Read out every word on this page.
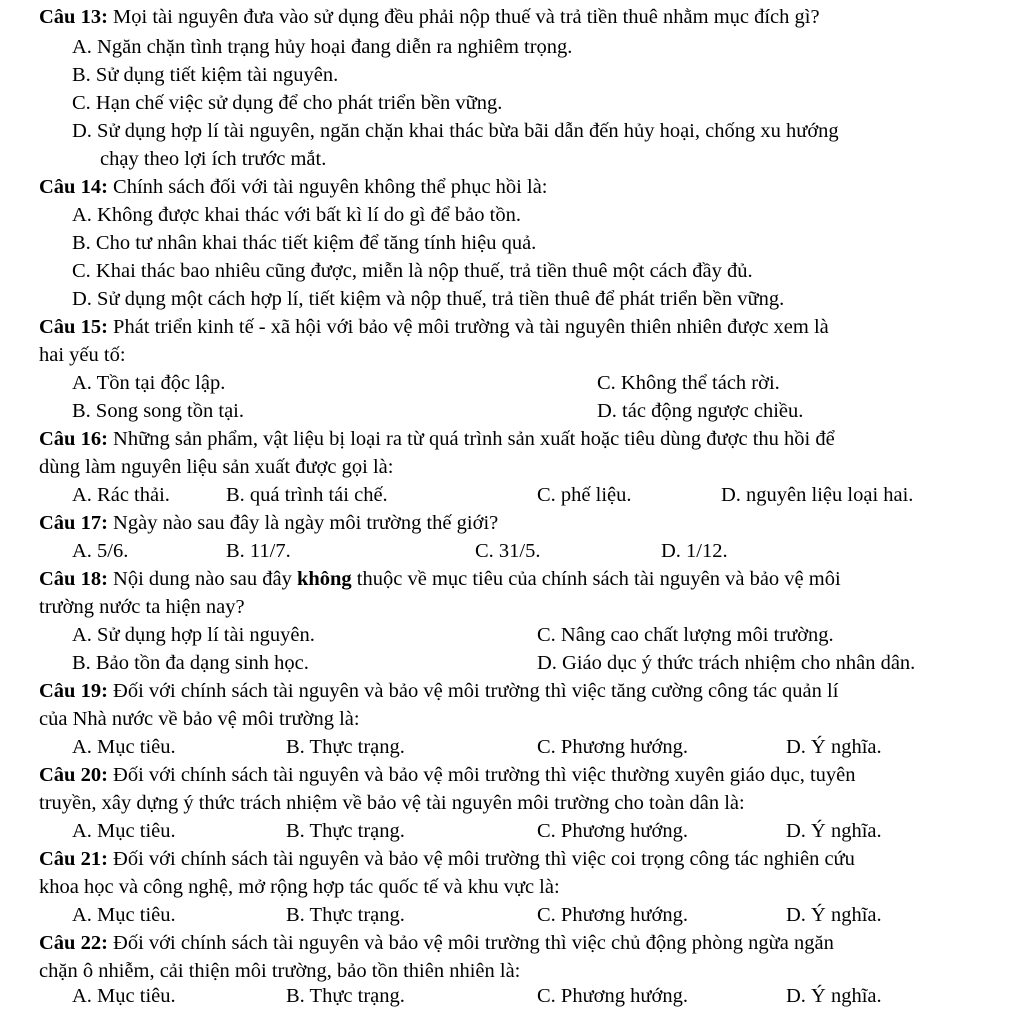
Câu 13: Mọi tài nguyên đưa vào sử dụng đều phải nộp thuế và trả tiền thuê nhằm mục đích gì?
A. Ngăn chặn tình trạng hủy hoại đang diễn ra nghiêm trọng.
B. Sử dụng tiết kiệm tài nguyên.
C. Hạn chế việc sử dụng để cho phát triển bền vững.
D. Sử dụng hợp lí tài nguyên, ngăn chặn khai thác bừa bãi dẫn đến hủy hoại, chống xu hướng
chạy theo lợi ích trước mắt.
Câu 14: Chính sách đối với tài nguyên không thể phục hồi là:
A. Không được khai thác với bất kì lí do gì để bảo tồn.
B. Cho tư nhân khai thác tiết kiệm để tăng tính hiệu quả.
C. Khai thác bao nhiêu cũng được, miễn là nộp thuế, trả tiền thuê một cách đầy đủ.
D. Sử dụng một cách hợp lí, tiết kiệm và nộp thuế, trả tiền thuê để phát triển bền vững.
Câu 15: Phát triển kinh tế - xã hội với bảo vệ môi trường và tài nguyên thiên nhiên được xem là
hai yếu tố:
A. Tồn tại độc lập.	C. Không thể tách rời.
B. Song song tồn tại.	D. tác động ngược chiều.
Câu 16: Những sản phẩm, vật liệu bị loại ra từ quá trình sản xuất hoặc tiêu dùng được thu hồi để
dùng làm nguyên liệu sản xuất được gọi là:
A. Rác thải.	B. quá trình tái chế.	C. phế liệu.	D. nguyên liệu loại hai.
Câu 17: Ngày nào sau đây là ngày môi trường thế giới?
A. 5/6.	B. 11/7.	C. 31/5.	D. 1/12.
Câu 18: Nội dung nào sau đây không thuộc về mục tiêu của chính sách tài nguyên và bảo vệ môi
trường nước ta hiện nay?
A. Sử dụng hợp lí tài nguyên.	C. Nâng cao chất lượng môi trường.
B. Bảo tồn đa dạng sinh học.	D. Giáo dục ý thức trách nhiệm cho nhân dân.
Câu 19: Đối với chính sách tài nguyên và bảo vệ môi trường thì việc tăng cường công tác quản lí
của Nhà nước về bảo vệ môi trường là:
A. Mục tiêu.	B. Thực trạng.	C. Phương hướng.	D. Ý nghĩa.
Câu 20: Đối với chính sách tài nguyên và bảo vệ môi trường thì việc thường xuyên giáo dục, tuyên
truyền, xây dựng ý thức trách nhiệm về bảo vệ tài nguyên môi trường cho toàn dân là:
A. Mục tiêu.	B. Thực trạng.	C. Phương hướng.	D. Ý nghĩa.
Câu 21: Đối với chính sách tài nguyên và bảo vệ môi trường thì việc coi trọng công tác nghiên cứu
khoa học và công nghệ, mở rộng hợp tác quốc tế và khu vực là:
A. Mục tiêu.	B. Thực trạng.	C. Phương hướng.	D. Ý nghĩa.
Câu 22: Đối với chính sách tài nguyên và bảo vệ môi trường thì việc chủ động phòng ngừa ngăn
chặn ô nhiễm, cải thiện môi trường, bảo tồn thiên nhiên là:
A. Mục tiêu.	B. Thực trạng.	C. Phương hướng.	D. Ý nghĩa.
